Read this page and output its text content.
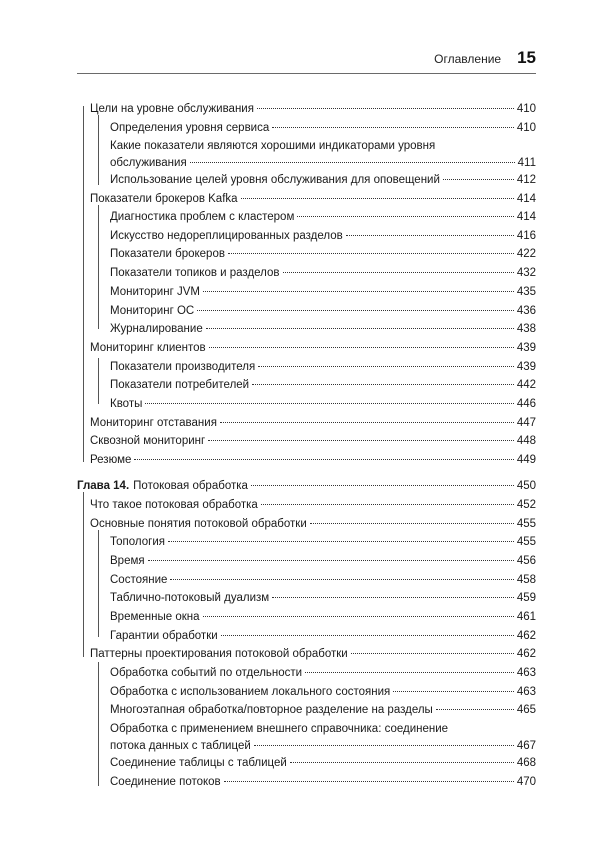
Оглавление 15
Цели на уровне обслуживания	410
Определения уровня сервиса	410
Какие показатели являются хорошими индикаторами уровня
обслуживания	411
Использование целей уровня обслуживания для оповещений	412
Показатели брокеров Kafka	414
Диагностика проблем с кластером	414
Искусство недореплицированных разделов	416
Показатели брокеров	422
Показатели топиков и разделов	432
Мониторинг JVM	435
Мониторинг ОС	436
Журналирование	438
Мониторинг клиентов	439
Показатели производителя	439
Показатели потребителей	442
Квоты	446
Мониторинг отставания	447
Сквозной мониторинг	448
Резюме	449
Глава 14. Потоковая обработка	450
Что такое потоковая обработка	452
Основные понятия потоковой обработки	455
Топология	455
Время	456
Состояние	458
Таблично-потоковый дуализм	459
Временные окна	461
Гарантии обработки	462
Паттерны проектирования потоковой обработки	462
Обработка событий по отдельности	463
Обработка с использованием локального состояния	463
Многоэтапная обработка/повторное разделение на разделы	465
Обработка с применением внешнего справочника: соединение
потока данных с таблицей	467
Соединение таблицы с таблицей	468
Соединение потоков	470
